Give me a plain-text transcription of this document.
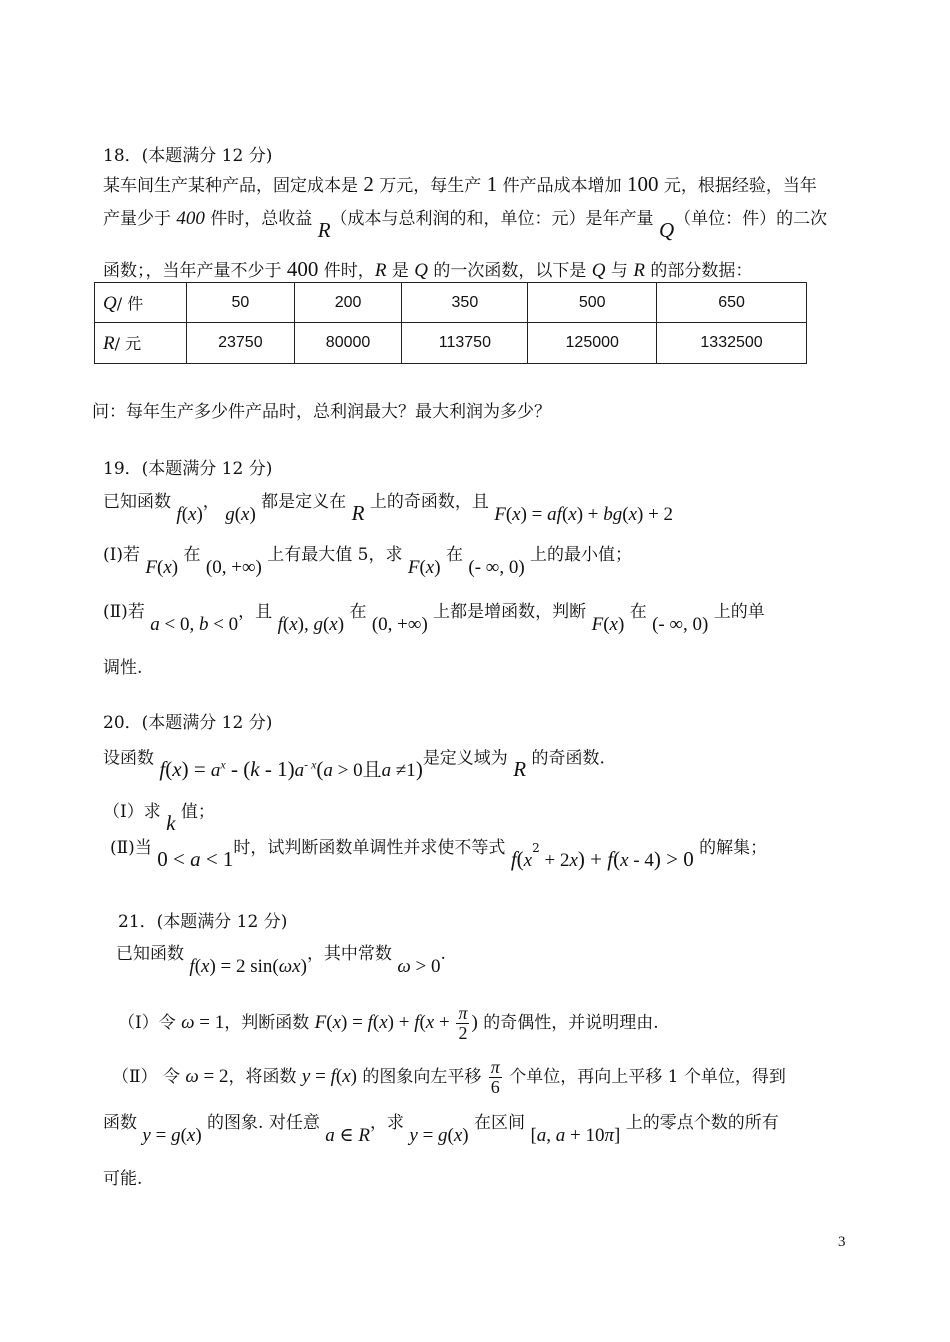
18．(本题满分 12 分)
某车间生产某种产品，固定成本是 2 万元，每生产 1 件产品成本增加 100 元，根据经验，当年
产量少于 400 件时，总收益 R（成本与总利润的和，单位：元）是年产量 Q（单位：件）的二次
函数；，当年产量不少于 400 件时，R 是 Q 的一次函数，以下是 Q 与 R 的部分数据：
Q/ 件	50	200	350	500	650
R/ 元	23750	80000	113750	125000	1332500
问：每年生产多少件产品时，总利润最大？最大利润为多少？
19．(本题满分 12 分)
已知函数 f(x)， g(x) 都是定义在 R 上的奇函数，且 F(x) = af(x) + bg(x) + 2
(Ⅰ)若 F(x) 在 (0, +∞) 上有最大值 5，求 F(x) 在 (- ∞, 0) 上的最小值；
(Ⅱ)若 a < 0, b < 0，且 f(x), g(x) 在 (0, +∞) 上都是增函数，判断 F(x) 在 (- ∞, 0) 上的单
调性.
20．(本题满分 12 分)
设函数 $f(x) = a^x - (k - 1)a^{- x}(a > 0$且a ≠1)是定义域为 R 的奇函数.
（Ⅰ）求 k 值；
(Ⅱ)当 0 < a < 1时，试判断函数单调性并求使不等式 $f(x^2 + 2x) + f(x - 4) > 0$ 的解集；
21．(本题满分 12 分)
已知函数 f(x) = 2 sin(ωx)，其中常数 ω > 0.
（Ⅰ）令 ω = 1，判断函数 $F(x) = f(x) + f(x + \frac{\pi}{2}$ ) 的奇偶性，并说明理由.
（Ⅱ） 令 ω = 2，将函数 y = f(x) 的图象向左平移 $\frac{\pi}{6}$ 个单位，再向上平移 1 个单位，得到
函数 y = g(x) 的图象. 对任意 a ∈ R，求 y = g(x) 在区间 [a, a + 10π] 上的零点个数的所有
可能.
3
